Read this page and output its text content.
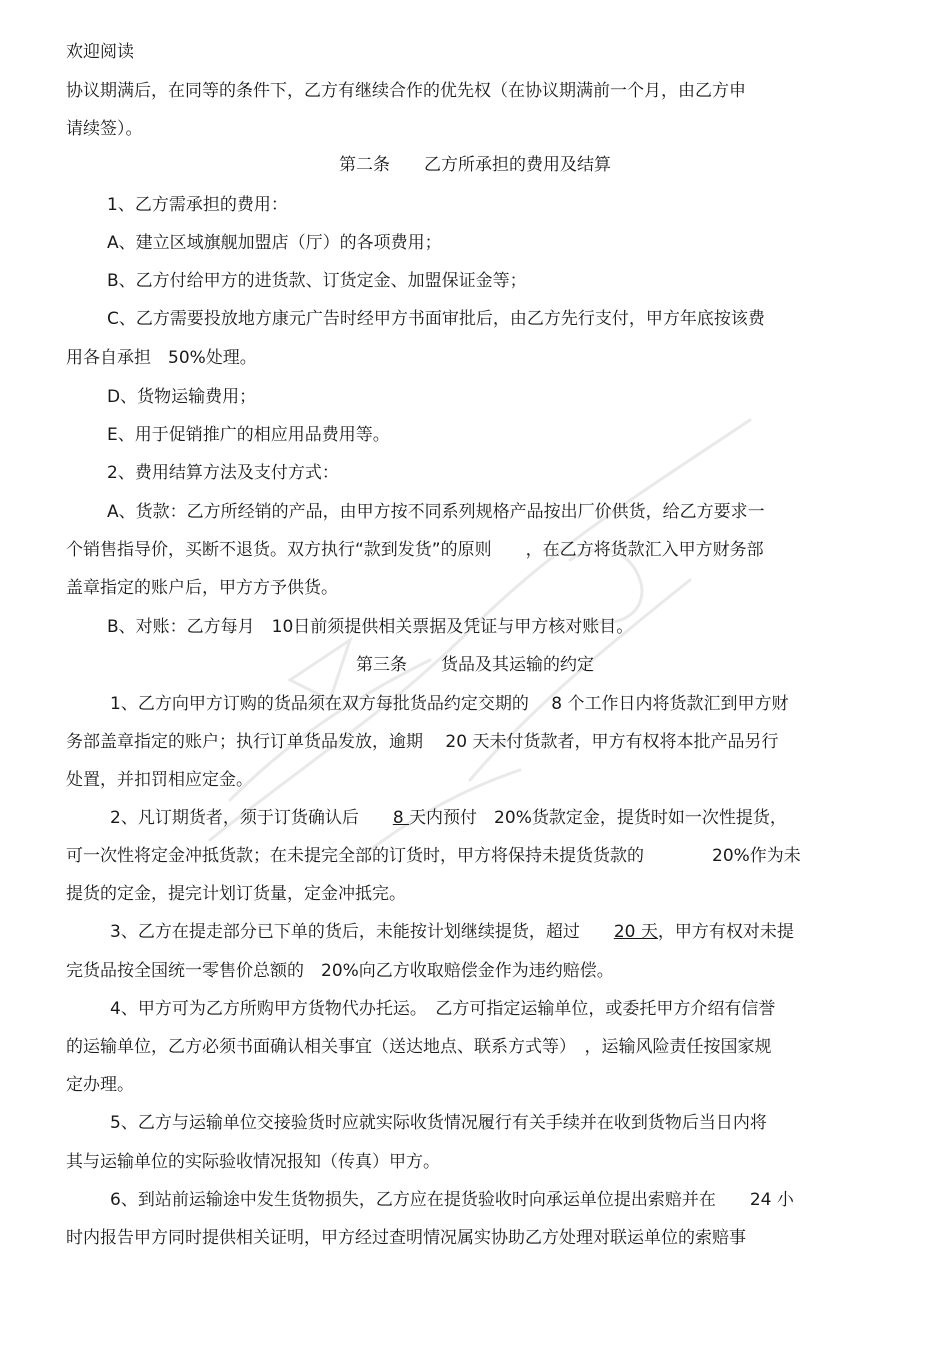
欢迎阅读
协议期满后，在同等的条件下，乙方有继续合作的优先权（在协议期满前一个月，由乙方申
请续签）。
第二条　　乙方所承担的费用及结算
1、乙方需承担的费用：
A、建立区域旗舰加盟店（厅）的各项费用；
B、乙方付给甲方的进货款、订货定金、加盟保证金等；
C、乙方需要投放地方康元广告时经甲方书面审批后，由乙方先行支付，甲方年底按该费
用各自承担　50%处理。
D、货物运输费用；
E、用于促销推广的相应用品费用等。
2、费用结算方法及支付方式：
A、货款：乙方所经销的产品，由甲方按不同系列规格产品按出厂价供货，给乙方要求一
个销售指导价，买断不退货。双方执行“款到发货”的原则　　，在乙方将货款汇入甲方财务部
盖章指定的账户后，甲方方予供货。
B、对账：乙方每月　10日前须提供相关票据及凭证与甲方核对账目。
第三条　　货品及其运输的约定
1、乙方向甲方订购的货品须在双方每批货品约定交期的　 8 个工作日内将货款汇到甲方财
务部盖章指定的账户；执行订单货品发放，逾期　 20 天未付货款者，甲方有权将本批产品另行
处置，并扣罚相应定金。
2、凡订期货者，须于订货确认后　　8 天内预付　20%货款定金，提货时如一次性提货，
可一次性将定金冲抵货款；在未提完全部的订货时，甲方将保持未提货货款的　　　　20%作为未
提货的定金，提完计划订货量，定金冲抵完。
3、乙方在提走部分已下单的货后，未能按计划继续提货，超过　　20 天，甲方有权对未提
完货品按全国统一零售价总额的　20%向乙方收取赔偿金作为违约赔偿。
4、甲方可为乙方所购甲方货物代办托运。　乙方可指定运输单位，或委托甲方介绍有信誉
的运输单位，乙方必须书面确认相关事宜（送达地点、联系方式等）　，运输风险责任按国家规
定办理。
5、乙方与运输单位交接验货时应就实际收货情况履行有关手续并在收到货物后当日内将
其与运输单位的实际验收情况报知（传真）甲方。
6、到站前运输途中发生货物损失，乙方应在提货验收时向承运单位提出索赔并在　　24 小
时内报告甲方同时提供相关证明，甲方经过查明情况属实协助乙方处理对联运单位的索赔事
